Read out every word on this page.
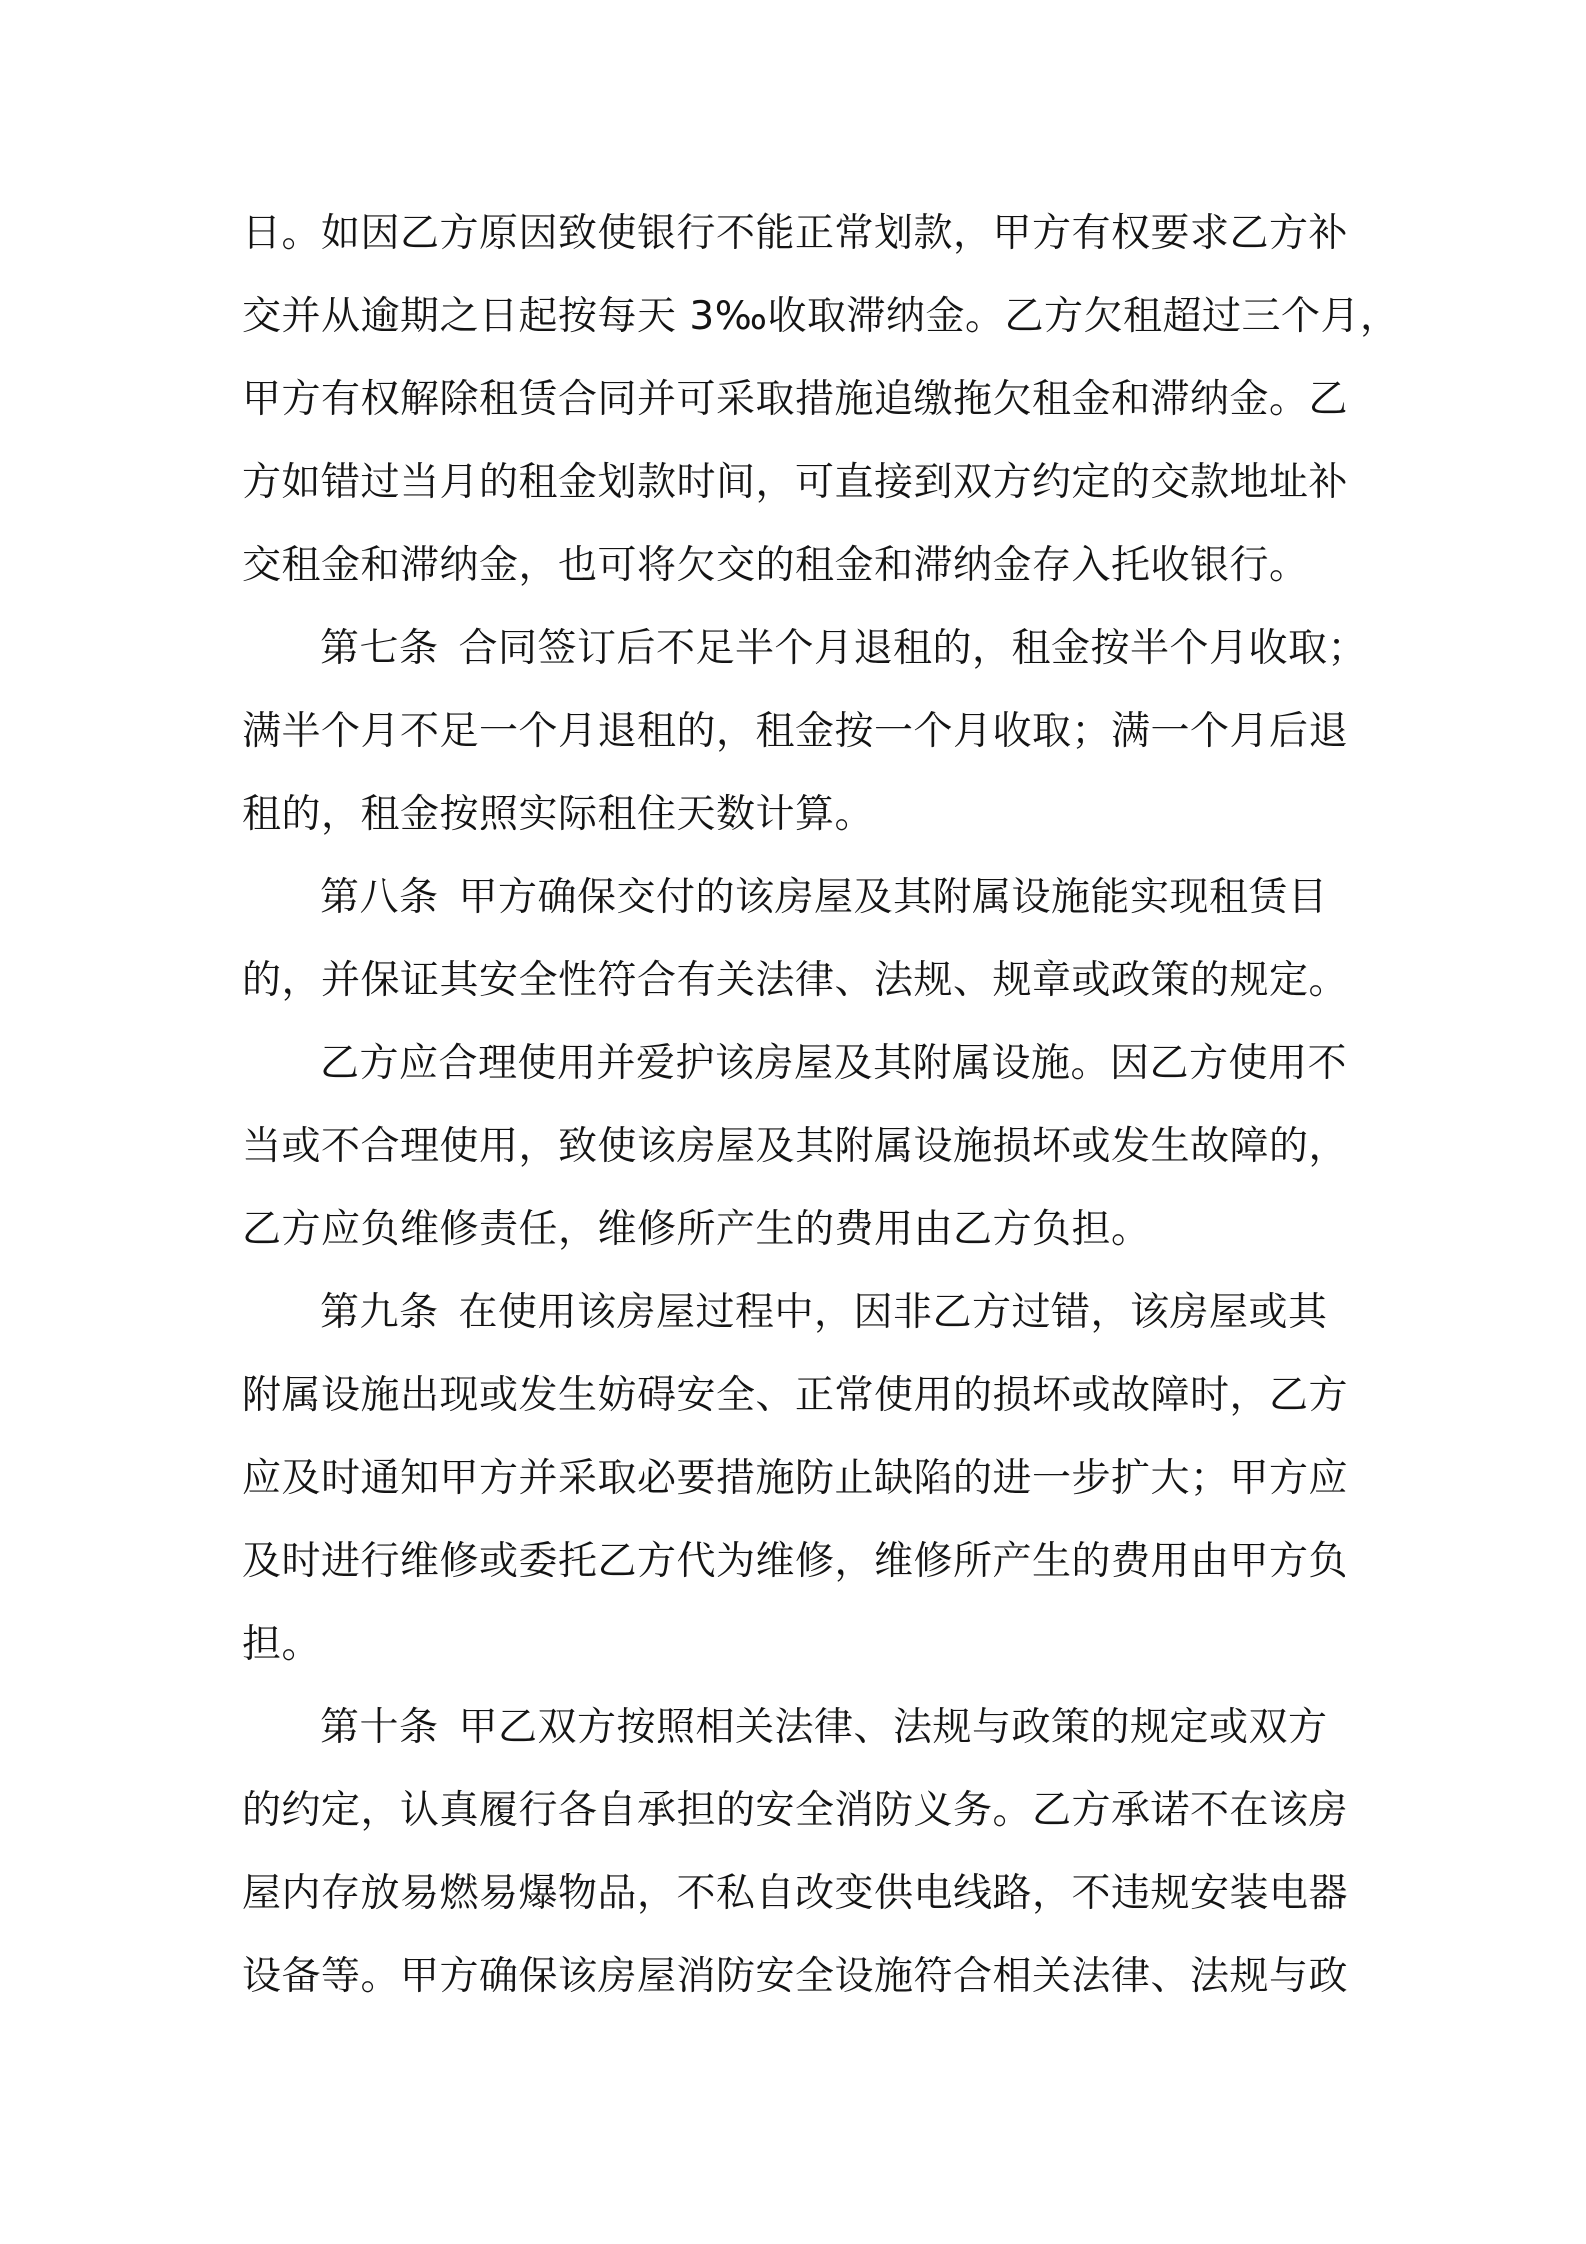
日。如因乙方原因致使银行不能正常划款，甲方有权要求乙方补
交并从逾期之日起按每天 3‰收取滞纳金。乙方欠租超过三个月，
甲方有权解除租赁合同并可采取措施追缴拖欠租金和滞纳金。乙
方如错过当月的租金划款时间，可直接到双方约定的交款地址补
交租金和滞纳金，也可将欠交的租金和滞纳金存入托收银行。

第七条 合同签订后不足半个月退租的，租金按半个月收取；
满半个月不足一个月退租的，租金按一个月收取；满一个月后退
租的，租金按照实际租住天数计算。

第八条 甲方确保交付的该房屋及其附属设施能实现租赁目
的，并保证其安全性符合有关法律、法规、规章或政策的规定。

乙方应合理使用并爱护该房屋及其附属设施。因乙方使用不
当或不合理使用，致使该房屋及其附属设施损坏或发生故障的，
乙方应负维修责任，维修所产生的费用由乙方负担。

第九条 在使用该房屋过程中，因非乙方过错，该房屋或其
附属设施出现或发生妨碍安全、正常使用的损坏或故障时，乙方
应及时通知甲方并采取必要措施防止缺陷的进一步扩大；甲方应
及时进行维修或委托乙方代为维修，维修所产生的费用由甲方负
担。

第十条 甲乙双方按照相关法律、法规与政策的规定或双方
的约定，认真履行各自承担的安全消防义务。乙方承诺不在该房
屋内存放易燃易爆物品，不私自改变供电线路，不违规安装电器
设备等。甲方确保该房屋消防安全设施符合相关法律、法规与政
